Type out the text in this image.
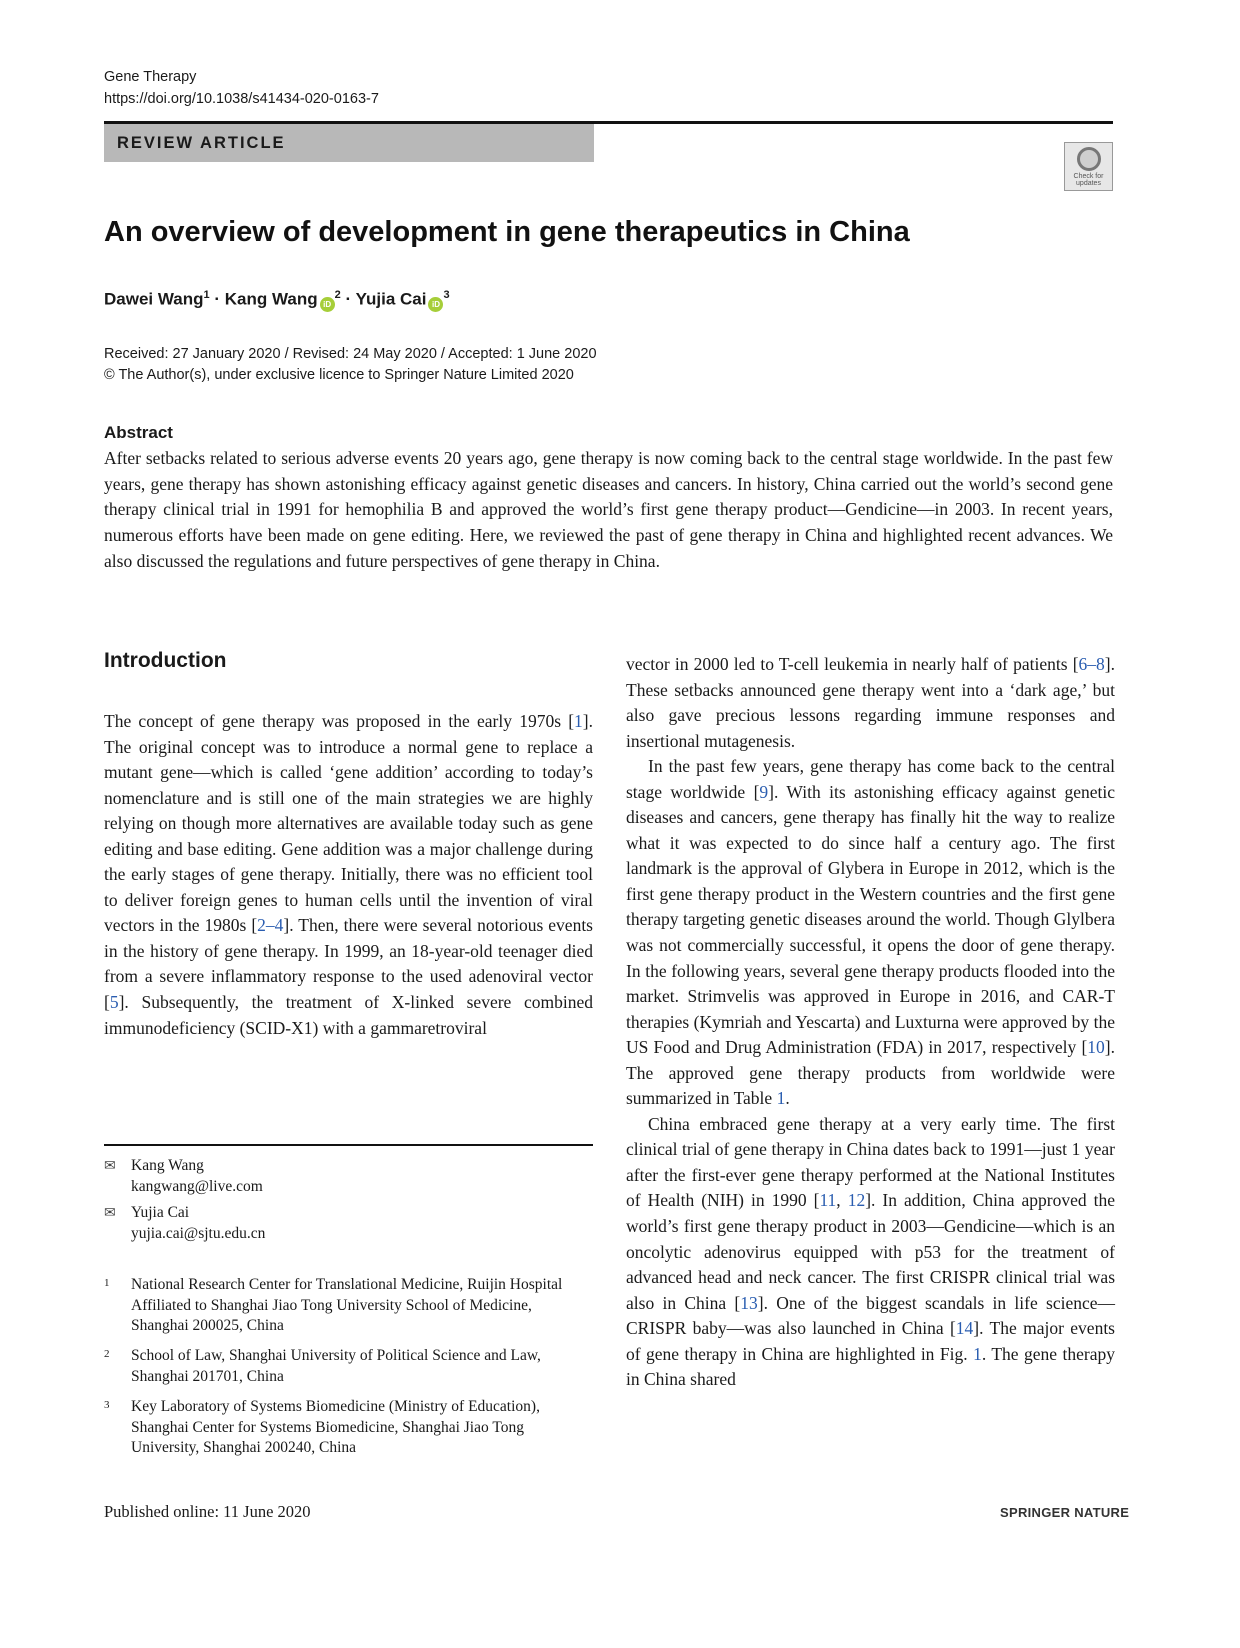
Gene Therapy
https://doi.org/10.1038/s41434-020-0163-7
REVIEW ARTICLE
Check for updates
An overview of development in gene therapeutics in China
Dawei Wang$^1$ · Kang Wang $iD^2$ · Yujia Cai $iD^3$
Received: 27 January 2020 / Revised: 24 May 2020 / Accepted: 1 June 2020
© The Author(s), under exclusive licence to Springer Nature Limited 2020
Abstract

After setbacks related to serious adverse events 20 years ago, gene therapy is now coming back to the central stage worldwide. In the past few years, gene therapy has shown astonishing efficacy against genetic diseases and cancers. In history, China carried out the world’s second gene therapy clinical trial in 1991 for hemophilia B and approved the world’s first gene therapy product—Gendicine—in 2003. In recent years, numerous efforts have been made on gene editing. Here, we reviewed the past of gene therapy in China and highlighted recent advances. We also discussed the regulations and future perspectives of gene therapy in China.

Introduction

The concept of gene therapy was proposed in the early 1970s [1]. The original concept was to introduce a normal gene to replace a mutant gene—which is called ‘gene addition’ according to today’s nomenclature and is still one of the main strategies we are highly relying on though more alternatives are available today such as gene editing and base editing. Gene addition was a major challenge during the early stages of gene therapy. Initially, there was no efficient tool to deliver foreign genes to human cells until the invention of viral vectors in the 1980s [2–4]. Then, there were several notorious events in the history of gene therapy. In 1999, an 18-year-old teenager died from a severe inflammatory response to the used adenoviral vector [5]. Subsequently, the treatment of X-linked severe combined immunodeficiency (SCID-X1) with a gammaretroviral

vector in 2000 led to T-cell leukemia in nearly half of patients [6–8]. These setbacks announced gene therapy went into a ‘dark age,’ but also gave precious lessons regarding immune responses and insertional mutagenesis.

In the past few years, gene therapy has come back to the central stage worldwide [9]. With its astonishing efficacy against genetic diseases and cancers, gene therapy has finally hit the way to realize what it was expected to do since half a century ago. The first landmark is the approval of Glybera in Europe in 2012, which is the first gene therapy product in the Western countries and the first gene therapy targeting genetic diseases around the world. Though Glylbera was not commercially successful, it opens the door of gene therapy. In the following years, several gene therapy products flooded into the market. Strimvelis was approved in Europe in 2016, and CAR-T therapies (Kymriah and Yescarta) and Luxturna were approved by the US Food and Drug Administration (FDA) in 2017, respectively [10]. The approved gene therapy products from worldwide were summarized in Table 1.

China embraced gene therapy at a very early time. The first clinical trial of gene therapy in China dates back to 1991—just 1 year after the first-ever gene therapy performed at the National Institutes of Health (NIH) in 1990 [11, 12]. In addition, China approved the world’s first gene therapy product in 2003—Gendicine—which is an oncolytic adenovirus equipped with p53 for the treatment of advanced head and neck cancer. The first CRISPR clinical trial was also in China [13]. One of the biggest scandals in life science—CRISPR baby—was also launched in China [14]. The major events of gene therapy in China are highlighted in Fig. 1. The gene therapy in China shared

✉ Kang Wang
kangwang@live.com
✉ Yujia Cai
yujia.cai@sjtu.edu.cn
1 National Research Center for Translational Medicine, Ruijin Hospital Affiliated to Shanghai Jiao Tong University School of Medicine, Shanghai 200025, China
2 School of Law, Shanghai University of Political Science and Law, Shanghai 201701, China
3 Key Laboratory of Systems Biomedicine (Ministry of Education), Shanghai Center for Systems Biomedicine, Shanghai Jiao Tong University, Shanghai 200240, China
Published online: 11 June 2020	SPRINGER NATURE
